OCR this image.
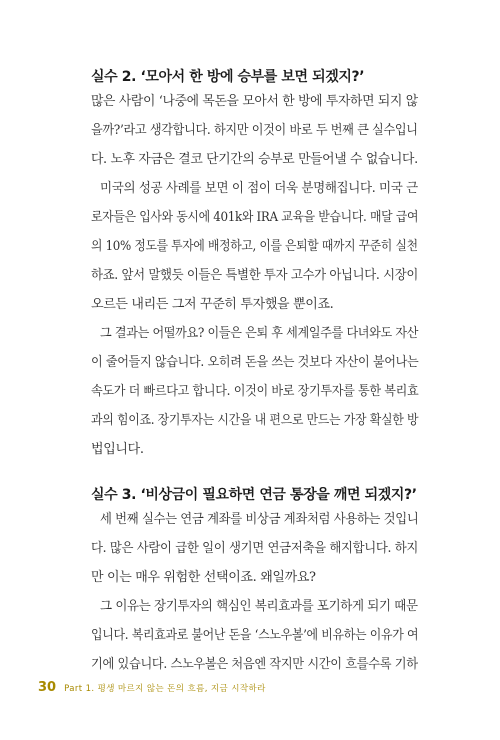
실수 2. ‘모아서 한 방에 승부를 보면 되겠지?’
많은 사람이 ‘나중에 목돈을 모아서 한 방에 투자하면 되지 않
을까?’라고 생각합니다. 하지만 이것이 바로 두 번째 큰 실수입니
다. 노후 자금은 결코 단기간의 승부로 만들어낼 수 없습니다.
미국의 성공 사례를 보면 이 점이 더욱 분명해집니다. 미국 근
로자들은 입사와 동시에 401k와 IRA 교육을 받습니다. 매달 급여
의 10% 정도를 투자에 배정하고, 이를 은퇴할 때까지 꾸준히 실천
하죠. 앞서 말했듯 이들은 특별한 투자 고수가 아닙니다. 시장이
오르든 내리든 그저 꾸준히 투자했을 뿐이죠.
그 결과는 어떨까요? 이들은 은퇴 후 세계일주를 다녀와도 자산
이 줄어들지 않습니다. 오히려 돈을 쓰는 것보다 자산이 불어나는
속도가 더 빠르다고 합니다. 이것이 바로 장기투자를 통한 복리효
과의 힘이죠. 장기투자는 시간을 내 편으로 만드는 가장 확실한 방
법입니다.
실수 3. ‘비상금이 필요하면 연금 통장을 깨면 되겠지?’
세 번째 실수는 연금 계좌를 비상금 계좌처럼 사용하는 것입니
다. 많은 사람이 급한 일이 생기면 연금저축을 해지합니다. 하지
만 이는 매우 위험한 선택이죠. 왜일까요?
그 이유는 장기투자의 핵심인 복리효과를 포기하게 되기 때문
입니다. 복리효과로 불어난 돈을 ‘스노우볼’에 비유하는 이유가 여
기에 있습니다. 스노우볼은 처음엔 작지만 시간이 흐를수록 기하
30 Part 1. 평생 마르지 않는 돈의 흐름, 지금 시작하라
